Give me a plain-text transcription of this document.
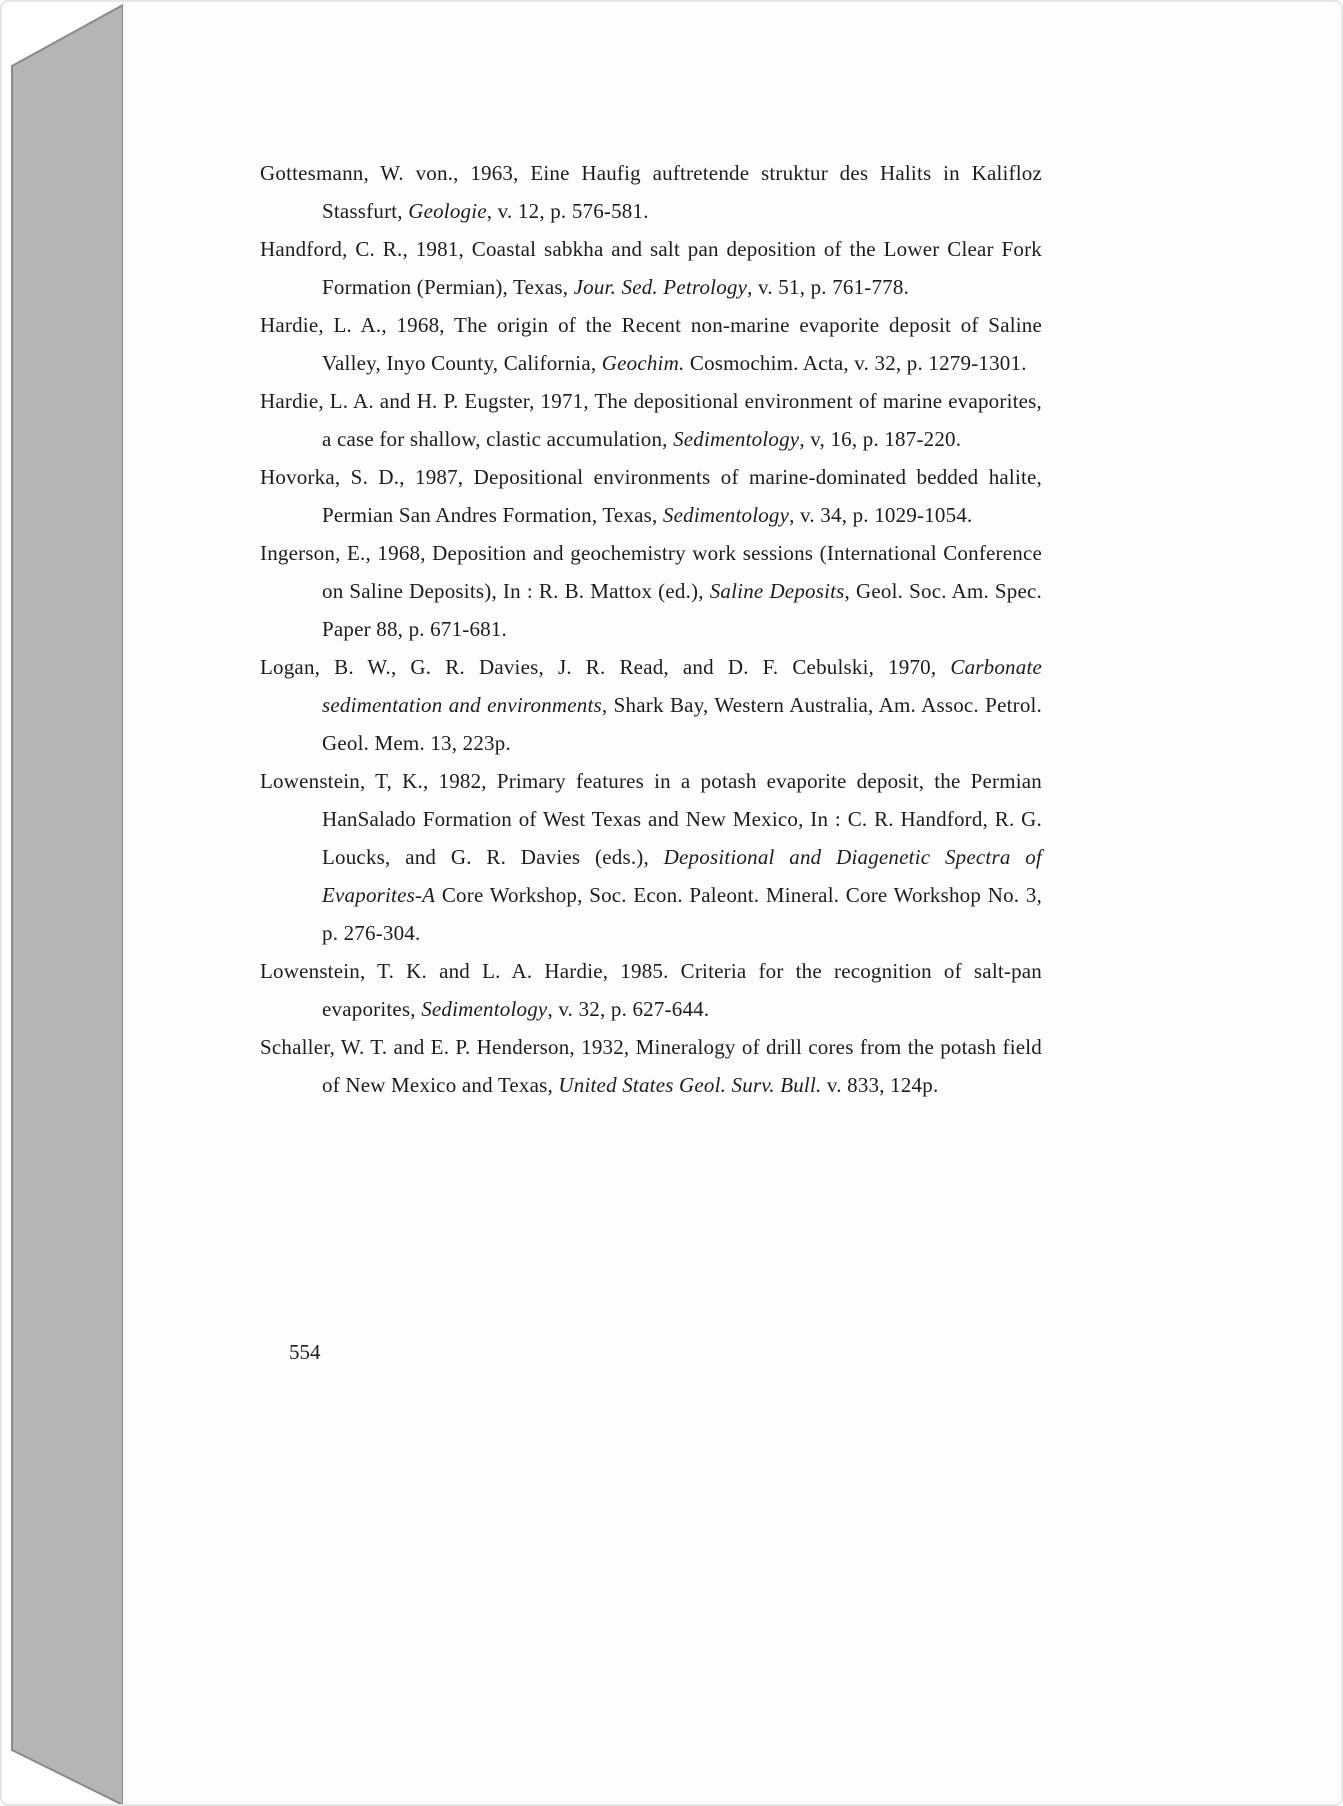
Gottesmann, W. von., 1963, Eine Haufig auftretende struktur des Halits in Kalifloz Stassfurt, Geologie, v. 12, p. 576-581.

Handford, C. R., 1981, Coastal sabkha and salt pan deposition of the Lower Clear Fork Formation (Permian), Texas, Jour. Sed. Petrology, v. 51, p. 761-778.

Hardie, L. A., 1968, The origin of the Recent non-marine evaporite deposit of Saline Valley, Inyo County, California, Geochim. Cosmochim. Acta, v. 32, p. 1279-1301.

Hardie, L. A. and H. P. Eugster, 1971, The depositional environment of marine evaporites, a case for shallow, clastic accumulation, Sedimentology, v, 16, p. 187-220.

Hovorka, S. D., 1987, Depositional environments of marine-dominated bedded halite, Permian San Andres Formation, Texas, Sedimentology, v. 34, p. 1029-1054.

Ingerson, E., 1968, Deposition and geochemistry work sessions (International Conference on Saline Deposits), In : R. B. Mattox (ed.), Saline Deposits, Geol. Soc. Am. Spec. Paper 88, p. 671-681.

Logan, B. W., G. R. Davies, J. R. Read, and D. F. Cebulski, 1970, Carbonate sedimentation and environments, Shark Bay, Western Australia, Am. Assoc. Petrol. Geol. Mem. 13, 223p.

Lowenstein, T, K., 1982, Primary features in a potash evaporite deposit, the Permian HanSalado Formation of West Texas and New Mexico, In : C. R. Handford, R. G. Loucks, and G. R. Davies (eds.), Depositional and Diagenetic Spectra of Evaporites-A Core Workshop, Soc. Econ. Paleont. Mineral. Core Workshop No. 3, p. 276-304.

Lowenstein, T. K. and L. A. Hardie, 1985. Criteria for the recognition of salt-pan evaporites, Sedimentology, v. 32, p. 627-644.

Schaller, W. T. and E. P. Henderson, 1932, Mineralogy of drill cores from the potash field of New Mexico and Texas, United States Geol. Surv. Bull. v. 833, 124p.

554
